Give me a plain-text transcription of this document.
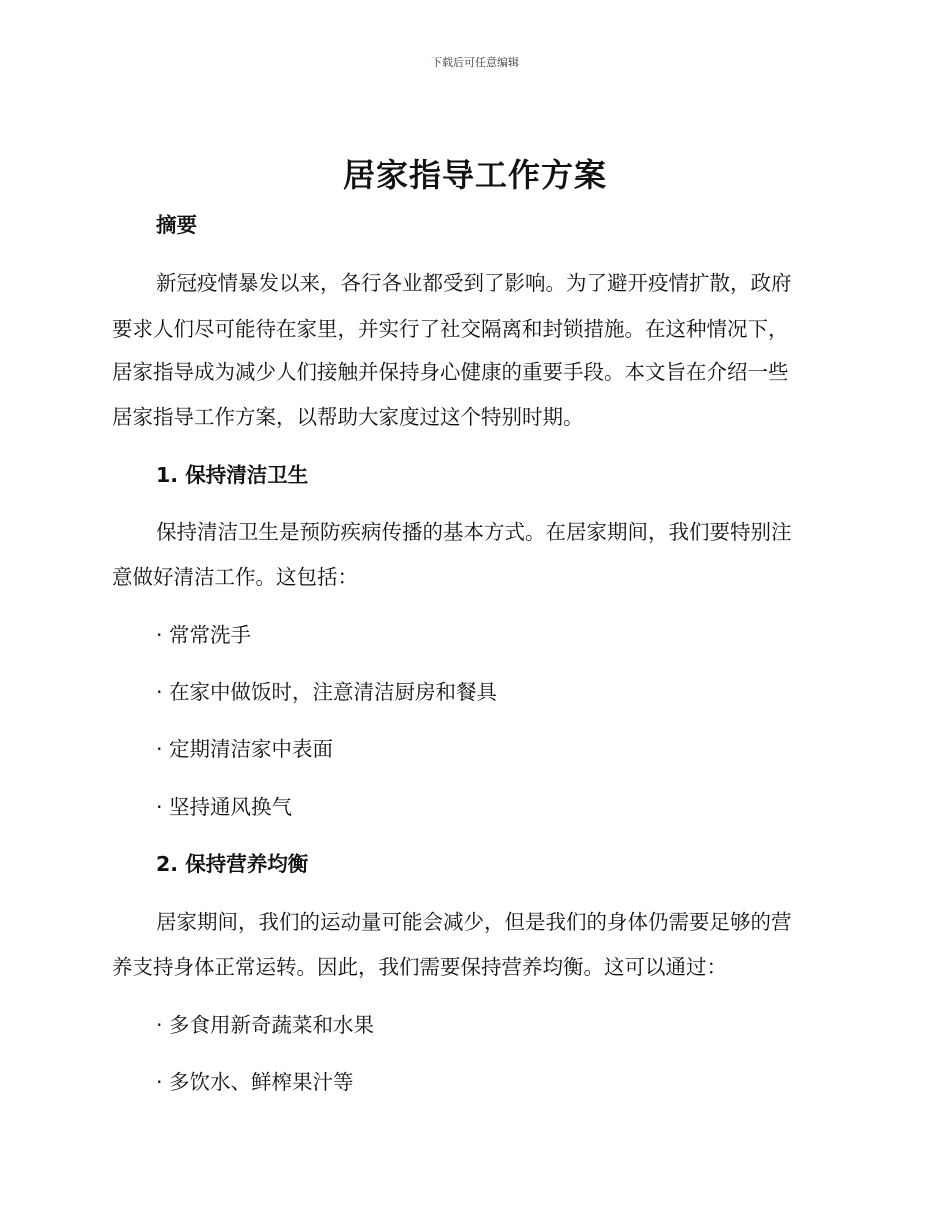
下载后可任意编辑
居家指导工作方案
摘要
新冠疫情暴发以来，各行各业都受到了影响。为了避开疫情扩散，政府
要求人们尽可能待在家里，并实行了社交隔离和封锁措施。在这种情况下，
居家指导成为减少人们接触并保持身心健康的重要手段。本文旨在介绍一些
居家指导工作方案，以帮助大家度过这个特别时期。
1. 保持清洁卫生
保持清洁卫生是预防疾病传播的基本方式。在居家期间，我们要特别注
意做好清洁工作。这包括：
· 常常洗手
· 在家中做饭时，注意清洁厨房和餐具
· 定期清洁家中表面
· 坚持通风换气
2. 保持营养均衡
居家期间，我们的运动量可能会减少，但是我们的身体仍需要足够的营
养支持身体正常运转。因此，我们需要保持营养均衡。这可以通过：
· 多食用新奇蔬菜和水果
· 多饮水、鲜榨果汁等
